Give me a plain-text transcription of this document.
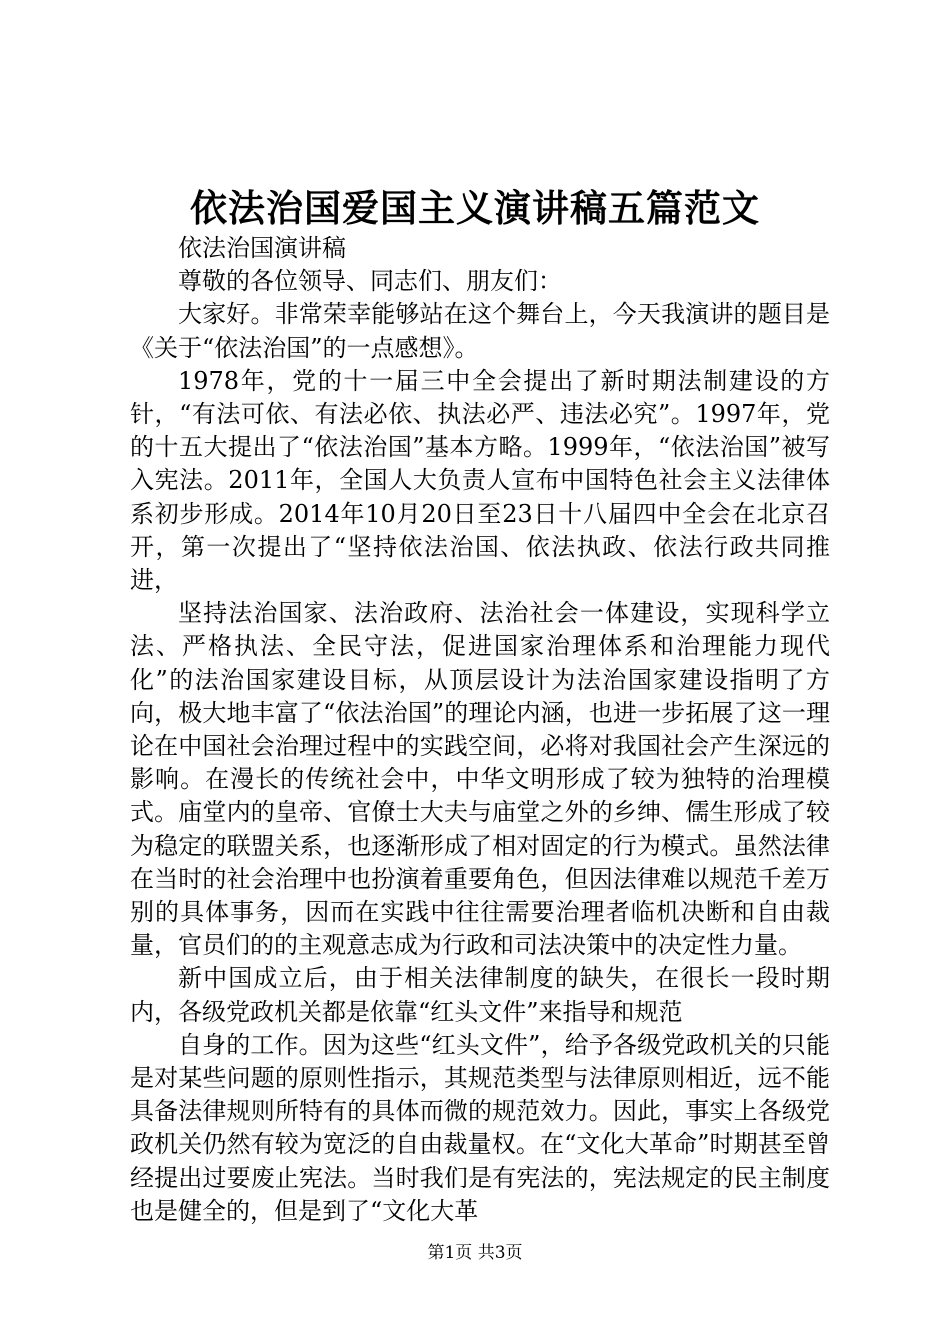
依法治国爱国主义演讲稿五篇范文

依法治国演讲稿

尊敬的各位领导、同志们、朋友们：

大家好。非常荣幸能够站在这个舞台上，今天我演讲的题目是《关于“依法治国”的一点感想》。

1978年，党的十一届三中全会提出了新时期法制建设的方针，“有法可依、有法必依、执法必严、违法必究”。1997年，党的十五大提出了“依法治国”基本方略。1999年，“依法治国”被写入宪法。2011年，全国人大负责人宣布中国特色社会主义法律体系初步形成。2014年10月20日至23日十八届四中全会在北京召开，第一次提出了“坚持依法治国、依法执政、依法行政共同推进，

坚持法治国家、法治政府、法治社会一体建设，实现科学立法、严格执法、全民守法，促进国家治理体系和治理能力现代化”的法治国家建设目标，从顶层设计为法治国家建设指明了方向，极大地丰富了“依法治国”的理论内涵，也进一步拓展了这一理论在中国社会治理过程中的实践空间，必将对我国社会产生深远的影响。在漫长的传统社会中，中华文明形成了较为独特的治理模式。庙堂内的皇帝、官僚士大夫与庙堂之外的乡绅、儒生形成了较为稳定的联盟关系，也逐渐形成了相对固定的行为模式。虽然法律在当时的社会治理中也扮演着重要角色，但因法律难以规范千差万别的具体事务，因而在实践中往往需要治理者临机决断和自由裁量，官员们的的主观意志成为行政和司法决策中的决定性力量。

新中国成立后，由于相关法律制度的缺失，在很长一段时期内，各级党政机关都是依靠“红头文件”来指导和规范

自身的工作。因为这些“红头文件”，给予各级党政机关的只能是对某些问题的原则性指示，其规范类型与法律原则相近，远不能具备法律规则所特有的具体而微的规范效力。因此，事实上各级党政机关仍然有较为宽泛的自由裁量权。在“文化大革命”时期甚至曾经提出过要废止宪法。当时我们是有宪法的，宪法规定的民主制度也是健全的，但是到了“文化大革

第1页 共3页
